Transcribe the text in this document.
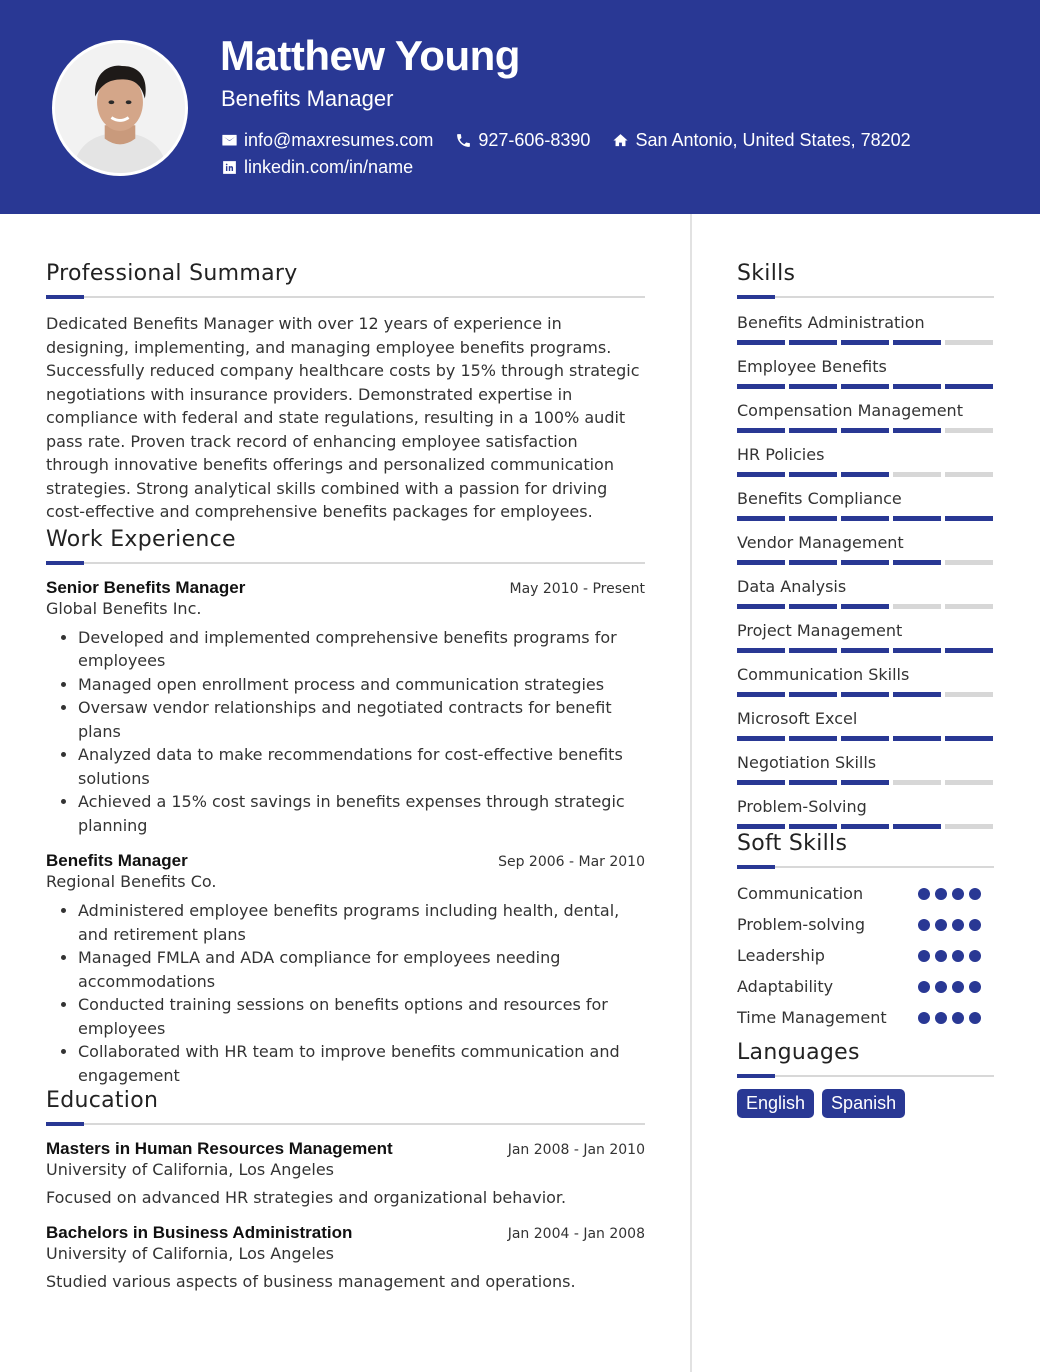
Matthew Young
Benefits Manager
info@maxresumes.com	927-606-8390	San Antonio, United States, 78202
linkedin.com/in/name
Professional Summary

Dedicated Benefits Manager with over 12 years of experience in designing, implementing, and managing employee benefits programs. Successfully reduced company healthcare costs by 15% through strategic negotiations with insurance providers. Demonstrated expertise in compliance with federal and state regulations, resulting in a 100% audit pass rate. Proven track record of enhancing employee satisfaction through innovative benefits offerings and personalized communication strategies. Strong analytical skills combined with a passion for driving cost-effective and comprehensive benefits packages for employees.

Work Experience
Senior Benefits Manager	May 2010 - Present
Global Benefits Inc.
• Developed and implemented comprehensive benefits programs for employees
• Managed open enrollment process and communication strategies
• Oversaw vendor relationships and negotiated contracts for benefit plans
• Analyzed data to make recommendations for cost-effective benefits solutions
• Achieved a 15% cost savings in benefits expenses through strategic planning
Benefits Manager	Sep 2006 - Mar 2010
Regional Benefits Co.
• Administered employee benefits programs including health, dental, and retirement plans
• Managed FMLA and ADA compliance for employees needing accommodations
• Conducted training sessions on benefits options and resources for employees
• Collaborated with HR team to improve benefits communication and engagement
Education
Masters in Human Resources Management	Jan 2008 - Jan 2010
University of California, Los Angeles
Focused on advanced HR strategies and organizational behavior.
Bachelors in Business Administration	Jan 2004 - Jan 2008
University of California, Los Angeles
Studied various aspects of business management and operations.
Skills
Benefits Administration
Employee Benefits
Compensation Management
HR Policies
Benefits Compliance
Vendor Management
Data Analysis
Project Management
Communication Skills
Microsoft Excel
Negotiation Skills
Problem-Solving
Soft Skills
Communication
Problem-solving
Leadership
Adaptability
Time Management
Languages
English	Spanish
